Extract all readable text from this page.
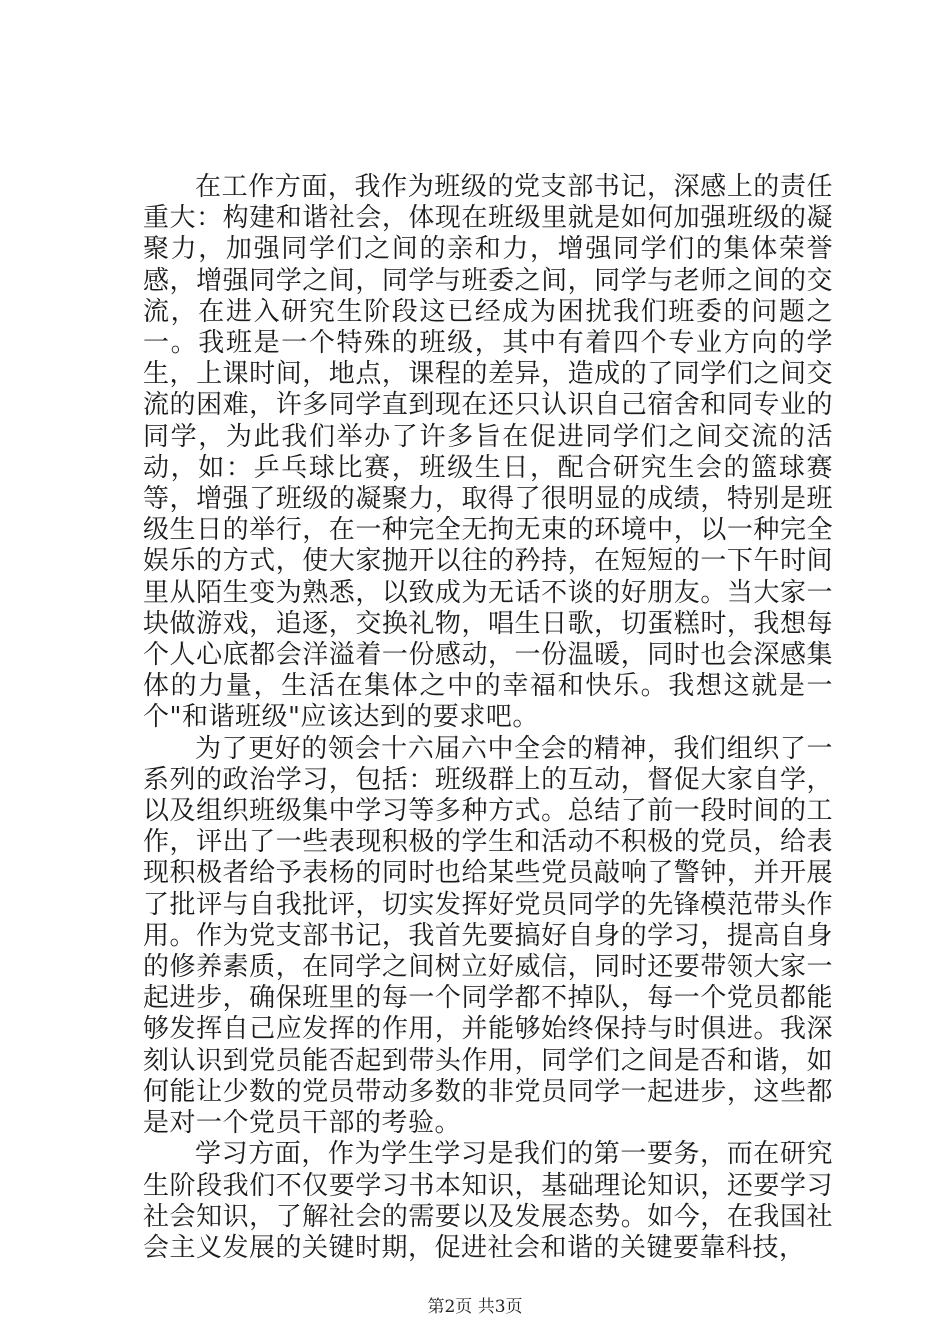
在工作方面，我作为班级的党支部书记，深感上的责任重大：构建和谐社会，体现在班级里就是如何加强班级的凝聚力，加强同学们之间的亲和力，增强同学们的集体荣誉感，增强同学之间，同学与班委之间，同学与老师之间的交流，在进入研究生阶段这已经成为困扰我们班委的问题之一。我班是一个特殊的班级，其中有着四个专业方向的学生，上课时间，地点，课程的差异，造成的了同学们之间交流的困难，许多同学直到现在还只认识自己宿舍和同专业的同学，为此我们举办了许多旨在促进同学们之间交流的活动，如：乒乓球比赛，班级生日，配合研究生会的篮球赛等，增强了班级的凝聚力，取得了很明显的成绩，特别是班级生日的举行，在一种完全无拘无束的环境中，以一种完全娱乐的方式，使大家抛开以往的矜持，在短短的一下午时间里从陌生变为熟悉，以致成为无话不谈的好朋友。当大家一块做游戏，追逐，交换礼物，唱生日歌，切蛋糕时，我想每个人心底都会洋溢着一份感动，一份温暖，同时也会深感集体的力量，生活在集体之中的幸福和快乐。我想这就是一个"和谐班级"应该达到的要求吧。

为了更好的领会十六届六中全会的精神，我们组织了一系列的政治学习，包括：班级群上的互动，督促大家自学，以及组织班级集中学习等多种方式。总结了前一段时间的工作，评出了一些表现积极的学生和活动不积极的党员，给表现积极者给予表杨的同时也给某些党员敲响了警钟，并开展了批评与自我批评，切实发挥好党员同学的先锋模范带头作用。作为党支部书记，我首先要搞好自身的学习，提高自身的修养素质，在同学之间树立好威信，同时还要带领大家一起进步，确保班里的每一个同学都不掉队，每一个党员都能够发挥自己应发挥的作用，并能够始终保持与时俱进。我深刻认识到党员能否起到带头作用，同学们之间是否和谐，如何能让少数的党员带动多数的非党员同学一起进步，这些都是对一个党员干部的考验。

学习方面，作为学生学习是我们的第一要务，而在研究生阶段我们不仅要学习书本知识，基础理论知识，还要学习社会知识，了解社会的需要以及发展态势。如今，在我国社会主义发展的关键时期，促进社会和谐的关键要靠科技，

第2页 共3页
